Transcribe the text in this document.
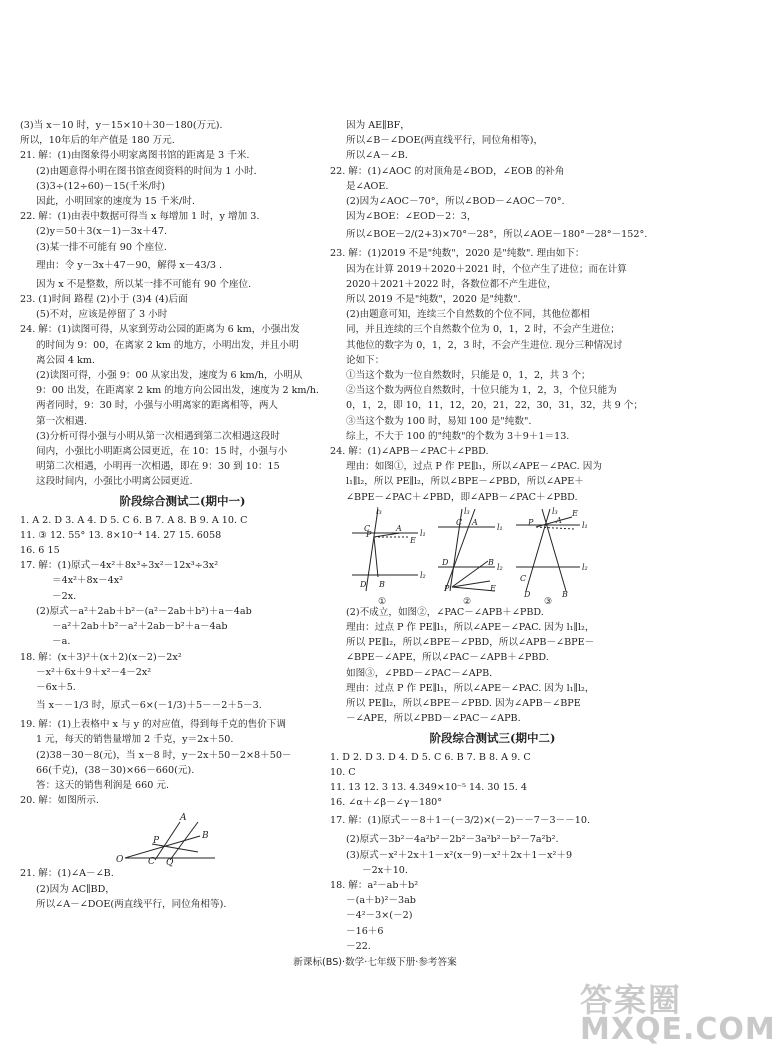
(3)当 x－10 时，y－15×10＋30－180(万元).
所以，10年后的年产值是 180 万元.
21. 解：(1)由图象得小明家离图书馆的距离是 3 千米.
(2)由题意得小明在图书馆查阅资料的时间为 1 小时.
(3)3÷(12÷60)－15(千米/时)
因此，小明回家的速度为 15 千米/时.
22. 解：(1)由表中数据可得当 x 每增加 1 时，y 增加 3.
(2)y＝50＋3(x－1)－3x＋47.
(3)某一排不可能有 90 个座位.
理由：令 y－3x＋47－90，解得 x－43/3 .
因为 x 不是整数，所以某一排不可能有 90 个座位.
23. (1)时间 路程 (2)小于 (3)4 (4)后面
(5)不对，应该是停留了 3 小时
24. 解：(1)读图可得，从家到劳动公园的距离为 6 km，小强出发
的时间为 9：00，在离家 2 km 的地方，小明出发，并且小明
离公园 4 km.
(2)读图可得，小强 9：00 从家出发，速度为 6 km/h，小明从
9：00 出发，在距离家 2 km 的地方向公园出发，速度为 2 km/h.
两者同时，9：30 时，小强与小明离家的距离相等，两人
第一次相遇.
(3)分析可得小强与小明从第一次相遇到第二次相遇这段时
间内，小强比小明距离公园更近，在 10：15 时，小强与小
明第二次相遇，小明再一次相遇，即在 9：30 到 10：15
这段时间内，小强比小明离公园更近.
阶段综合测试二(期中一)
1. A 2. D 3. A 4. D 5. C 6. B 7. A 8. B 9. A 10. C
11. ③ 12. 55° 13. 8×10⁻⁴ 14. 27 15. 6058
16. 6 15
17. 解：(1)原式－4x²＋8x³÷3x²－12x³÷3x²
＝4x²＋8x－4x²
－2x.
(2)原式－a²＋2ab＋b²－(a²－2ab＋b²)＋a－4ab
－a²＋2ab＋b²－a²＋2ab－b²＋a－4ab
－a.
18. 解：(x＋3)²＋(x＋2)(x－2)－2x²
－x²＋6x＋9＋x²－4－2x²
－6x＋5.
当 x－－1/3 时，原式－6×(－1/3)＋5－－2＋5－3.
19. 解：(1)上表格中 x 与 y 的对应值，得到每千克的售价下调
1 元，每天的销售量增加 2 千克，y＝2x＋50.
(2)38－30－8(元)，当 x－8 时，y－2x＋50－2×8＋50－
66(千克)，(38－30)×66－660(元).
答：这天的销售利润是 660 元.
20. 解：如图所示.
A
B
P
O	C Q
21. 解：(1)∠A－∠B.
(2)因为 AC∥BD，
所以∠A－∠DOE(两直线平行，同位角相等).
因为 AE∥BF，
所以∠B－∠DOE(两直线平行，同位角相等)，
所以∠A－∠B.
22. 解：(1)∠AOC 的对顶角是∠BOD，∠EOB 的补角
是∠AOE.
(2)因为∠AOC－70°，所以∠BOD－∠AOC－70°.
因为∠BOE：∠EOD－2：3，
所以∠BOE－2/(2+3)×70°－28°，所以∠AOE－180°－28°－152°.
23. 解：(1)2019 不是"纯数"，2020 是"纯数". 理由如下：
因为在计算 2019＋2020＋2021 时，个位产生了进位；而在计算
2020＋2021＋2022 时，各数位都不产生进位，
所以 2019 不是"纯数"，2020 是"纯数".
(2)由题意可知，连续三个自然数的个位不同，其他位都相
同，并且连续的三个自然数个位为 0，1，2 时，不会产生进位；
其他位的数字为 0，1，2，3 时，不会产生进位. 现分三种情况讨
论如下：
①当这个数为一位自然数时，只能是 0，1，2，共 3 个；
②当这个数为两位自然数时，十位只能为 1，2，3，个位只能为
0，1，2，即 10，11，12，20，21，22，30，31，32，共 9 个；
③当这个数为 100 时，易知 100 是"纯数".
综上，不大于 100 的"纯数"的个数为 3＋9＋1＝13.
24. 解：(1)∠APB－∠PAC＋∠PBD.
理由：如图①，过点 P 作 PE∥l₁，所以∠APE－∠PAC. 因为
l₁∥l₂，所以 PE∥l₂，所以∠BPE－∠PBD，所以∠APE＋
∠BPE－∠PAC＋∠PBD，即∠APB－∠PAC＋∠PBD.
l₃
l₁
l₂
P
A
C
B
D
E
l₃
l₁
l₂
C A
D	B
P	E
l₃
l₁
l₂
E
P	A
C
D	B
①	②	③
(2)不成立，如图②，∠PAC－∠APB＋∠PBD.
理由：过点 P 作 PE∥l₁，所以∠APE－∠PAC. 因为 l₁∥l₂，
所以 PE∥l₂，所以∠BPE－∠PBD，所以∠APB－∠BPE－
∠BPE－∠APE，所以∠PAC－∠APB＋∠PBD.
如图③，∠PBD－∠PAC－∠APB.
理由：过点 P 作 PE∥l₁，所以∠APE－∠PAC. 因为 l₁∥l₂，
所以 PE∥l₂，所以∠BPE－∠PBD. 因为∠APB－∠BPE
－∠APE，所以∠PBD－∠PAC－∠APB.
阶段综合测试三(期中二)
1. D 2. D 3. D 4. D 5. C 6. B 7. B 8. A 9. C
10. C
11. 13 12. 3 13. 4.349×10⁻⁵ 14. 30 15. 4
16. ∠α＋∠β－∠γ－180°
17. 解：(1)原式－－8＋1－(－3/2)×(－2)－－7－3－－10.
(2)原式－3b²－4a²b²－2b²－3a²b²－b²－7a²b².
(3)原式－x²＋2x＋1－x²(x－9)－x²＋2x＋1－x²＋9
－2x＋10.
18. 解：a²－ab＋b²
－(a＋b)²－3ab
－4²－3×(－2)
－16＋6
－22.
新课标(BS)·数学·七年级下册·参考答案
答案圈
MXQE.COM
